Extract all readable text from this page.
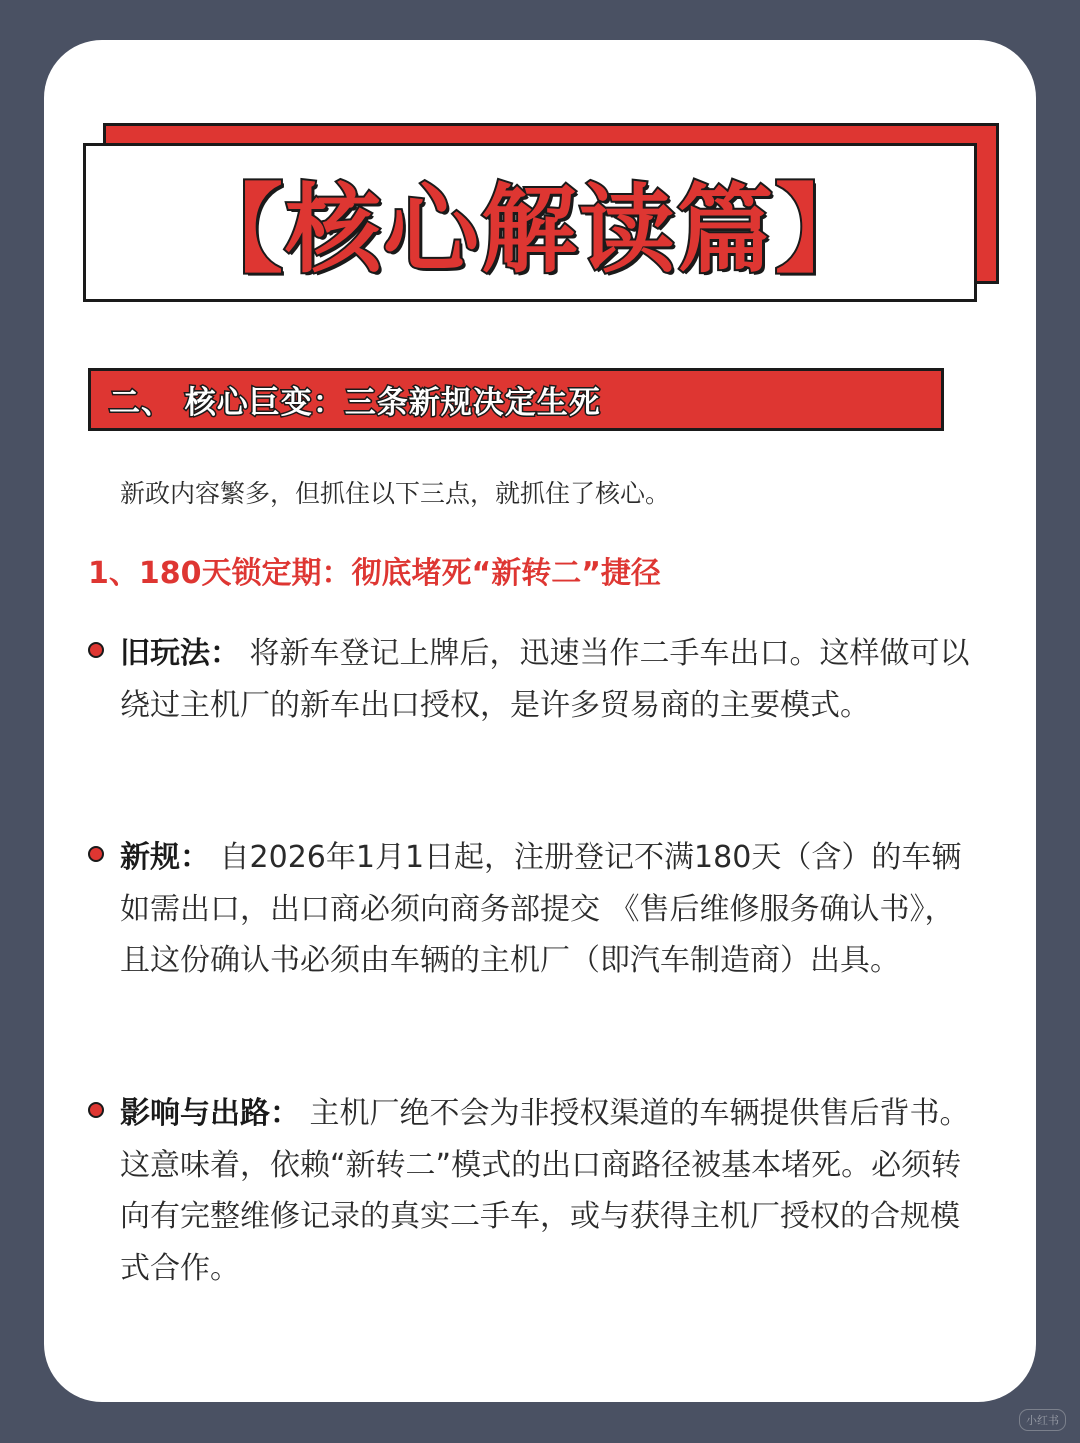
【核心解读篇】
二、 核心巨变：三条新规决定生死
新政内容繁多，但抓住以下三点，就抓住了核心。
1、180天锁定期：彻底堵死“新转二”捷径

旧玩法： 将新车登记上牌后，迅速当作二手车出口。这样做可以绕过主机厂的新车出口授权，是许多贸易商的主要模式。

新规： 自2026年1月1日起，注册登记不满180天（含）的车辆如需出口，出口商必须向商务部提交 《售后维修服务确认书》，且这份确认书必须由车辆的主机厂（即汽车制造商）出具。

影响与出路： 主机厂绝不会为非授权渠道的车辆提供售后背书。这意味着，依赖“新转二”模式的出口商路径被基本堵死。必须转向有完整维修记录的真实二手车，或与获得主机厂授权的合规模式合作。

小红书
